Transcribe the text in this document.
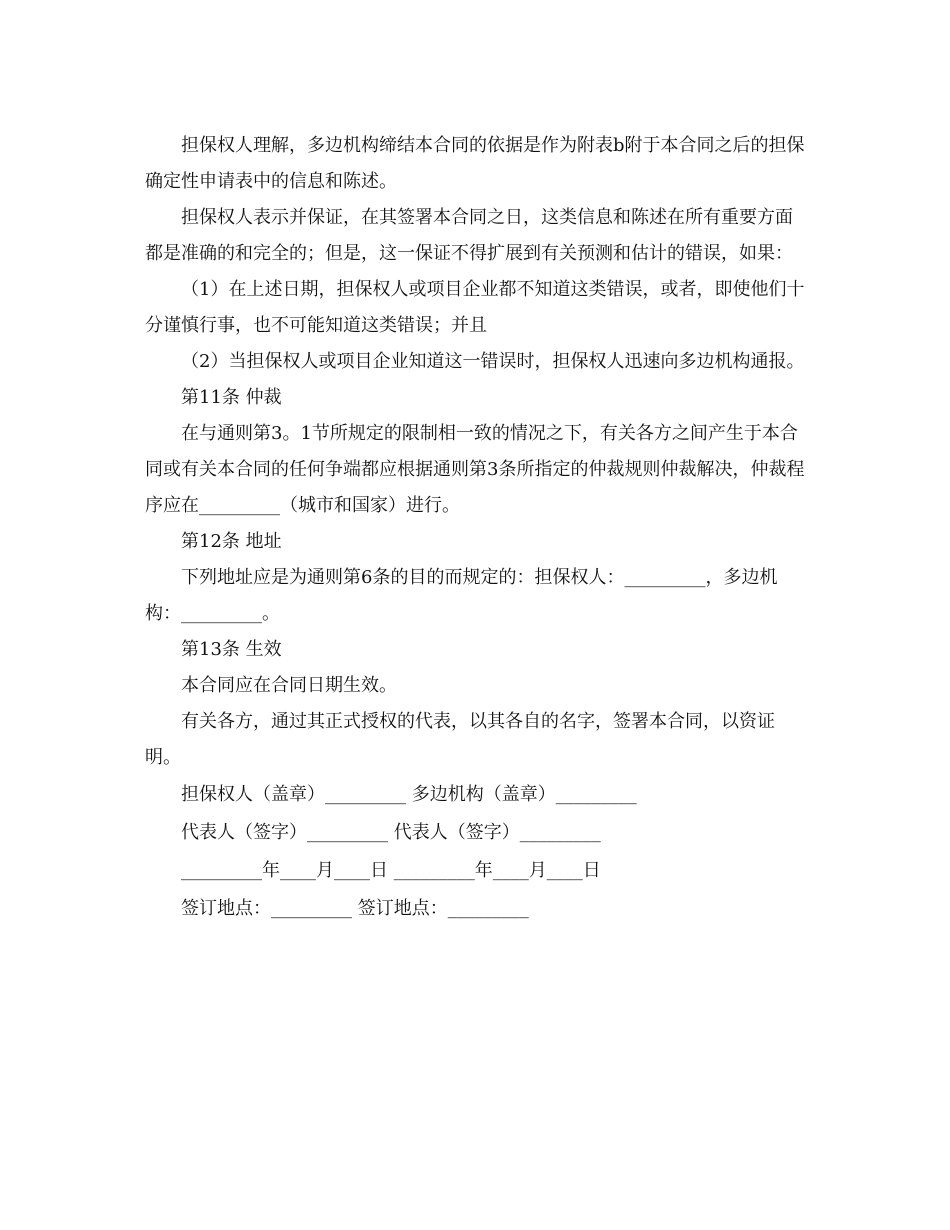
担保权人理解，多边机构缔结本合同的依据是作为附表b附于本合同之后的担保确定性申请表中的信息和陈述。

担保权人表示并保证，在其签署本合同之日，这类信息和陈述在所有重要方面都是准确的和完全的；但是，这一保证不得扩展到有关预测和估计的错误，如果：

（1）在上述日期，担保权人或项目企业都不知道这类错误，或者，即使他们十分谨慎行事，也不可能知道这类错误；并且

（2）当担保权人或项目企业知道这一错误时，担保权人迅速向多边机构通报。

第11条 仲裁

在与通则第3。1节所规定的限制相一致的情况之下，有关各方之间产生于本合同或有关本合同的任何争端都应根据通则第3条所指定的仲裁规则仲裁解决，仲裁程序应在_________（城市和国家）进行。

第12条 地址

下列地址应是为通则第6条的目的而规定的：担保权人：_________，多边机构：_________。

第13条 生效

本合同应在合同日期生效。

有关各方，通过其正式授权的代表，以其各自的名字，签署本合同，以资证明。

担保权人（盖章）_________ 多边机构（盖章）_________

代表人（签字）_________ 代表人（签字）_________

_________年____月____日 _________年____月____日

签订地点：_________ 签订地点：_________
